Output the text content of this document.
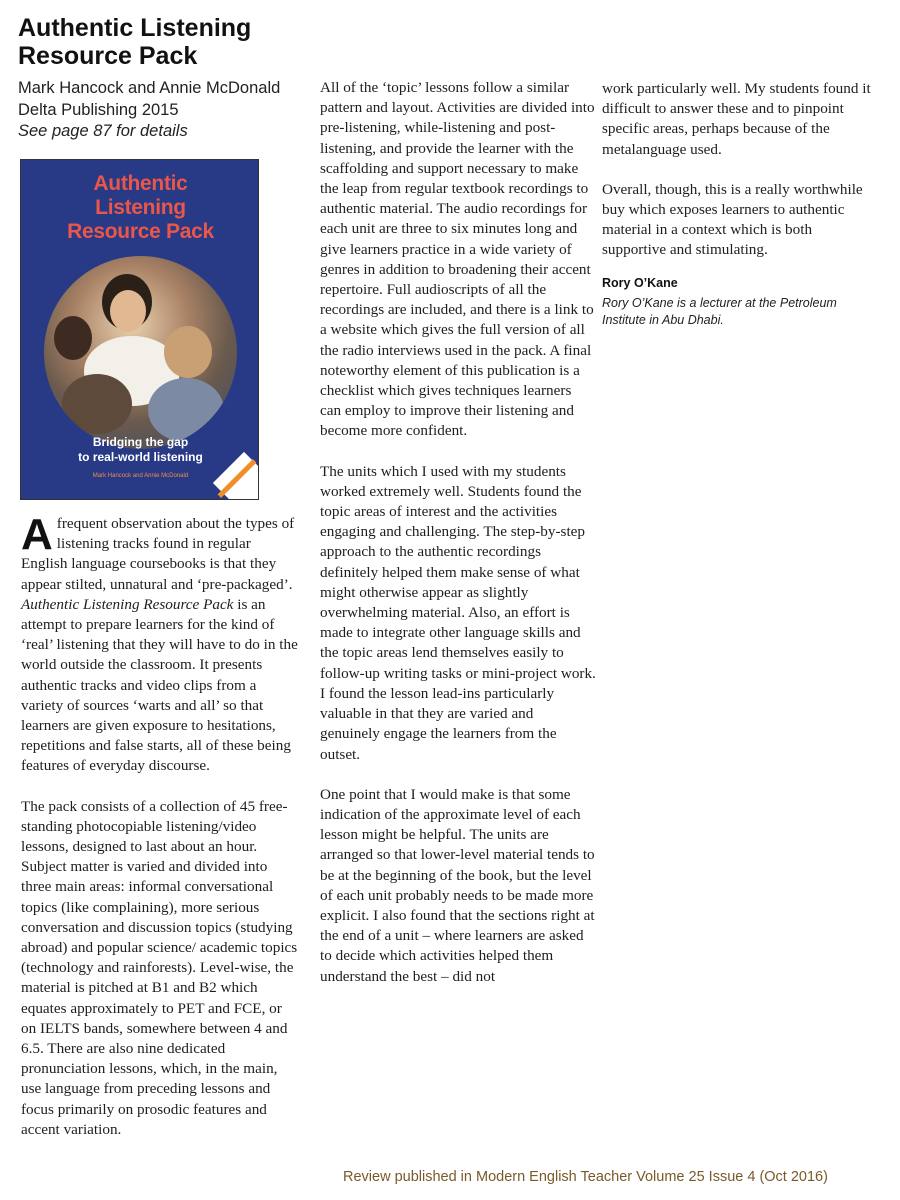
Authentic Listening
Resource Pack
Mark Hancock and Annie McDonald
Delta Publishing 2015
See page 87 for details
Authentic
Listening
Resource Pack
Bridging the gap
to real-world listening
Mark Hancock and Annie McDonald

Afrequent observation about the types of listening tracks found in regular English language coursebooks is that they appear stilted, unnatural and ‘pre-packaged’. Authentic Listening Resource Pack is an attempt to prepare learners for the kind of ‘real’ listening that they will have to do in the world outside the classroom. It presents authentic tracks and video clips from a variety of sources ‘warts and all’ so that learners are given exposure to hesitations, repetitions and false starts, all of these being features of everyday discourse.

The pack consists of a collection of 45 free-standing photocopiable listening/video lessons, designed to last about an hour. Subject matter is varied and divided into three main areas: informal conversational topics (like complaining), more serious conversation and discussion topics (studying abroad) and popular science/ academic topics (technology and rainforests). Level-wise, the material is pitched at B1 and B2 which equates approximately to PET and FCE, or on IELTS bands, somewhere between 4 and 6.5. There are also nine dedicated pronunciation lessons, which, in the main, use language from preceding lessons and focus primarily on prosodic features and accent variation.

All of the ‘topic’ lessons follow a similar pattern and layout. Activities are divided into pre-listening, while-listening and post-listening, and provide the learner with the scaffolding and support necessary to make the leap from regular textbook recordings to authentic material. The audio recordings for each unit are three to six minutes long and give learners practice in a wide variety of genres in addition to broadening their accent repertoire. Full audioscripts of all the recordings are included, and there is a link to a website which gives the full version of all the radio interviews used in the pack. A final noteworthy element of this publication is a checklist which gives techniques learners can employ to improve their listening and become more confident.

The units which I used with my students worked extremely well. Students found the topic areas of interest and the activities engaging and challenging. The step-by-step approach to the authentic recordings definitely helped them make sense of what might otherwise appear as slightly overwhelming material. Also, an effort is made to integrate other language skills and the topic areas lend themselves easily to follow-up writing tasks or mini-project work. I found the lesson lead-ins particularly valuable in that they are varied and genuinely engage the learners from the outset.

One point that I would make is that some indication of the approximate level of each lesson might be helpful. The units are arranged so that lower-level material tends to be at the beginning of the book, but the level of each unit probably needs to be made more explicit. I also found that the sections right at the end of a unit – where learners are asked to decide which activities helped them understand the best – did not

work particularly well. My students found it difficult to answer these and to pinpoint specific areas, perhaps because of the metalanguage used.

Overall, though, this is a really worthwhile buy which exposes learners to authentic material in a context which is both supportive and stimulating.

Rory O’Kane
Rory O’Kane is a lecturer at the Petroleum Institute in Abu Dhabi.
Review published in Modern English Teacher Volume 25 Issue 4 (Oct 2016)
